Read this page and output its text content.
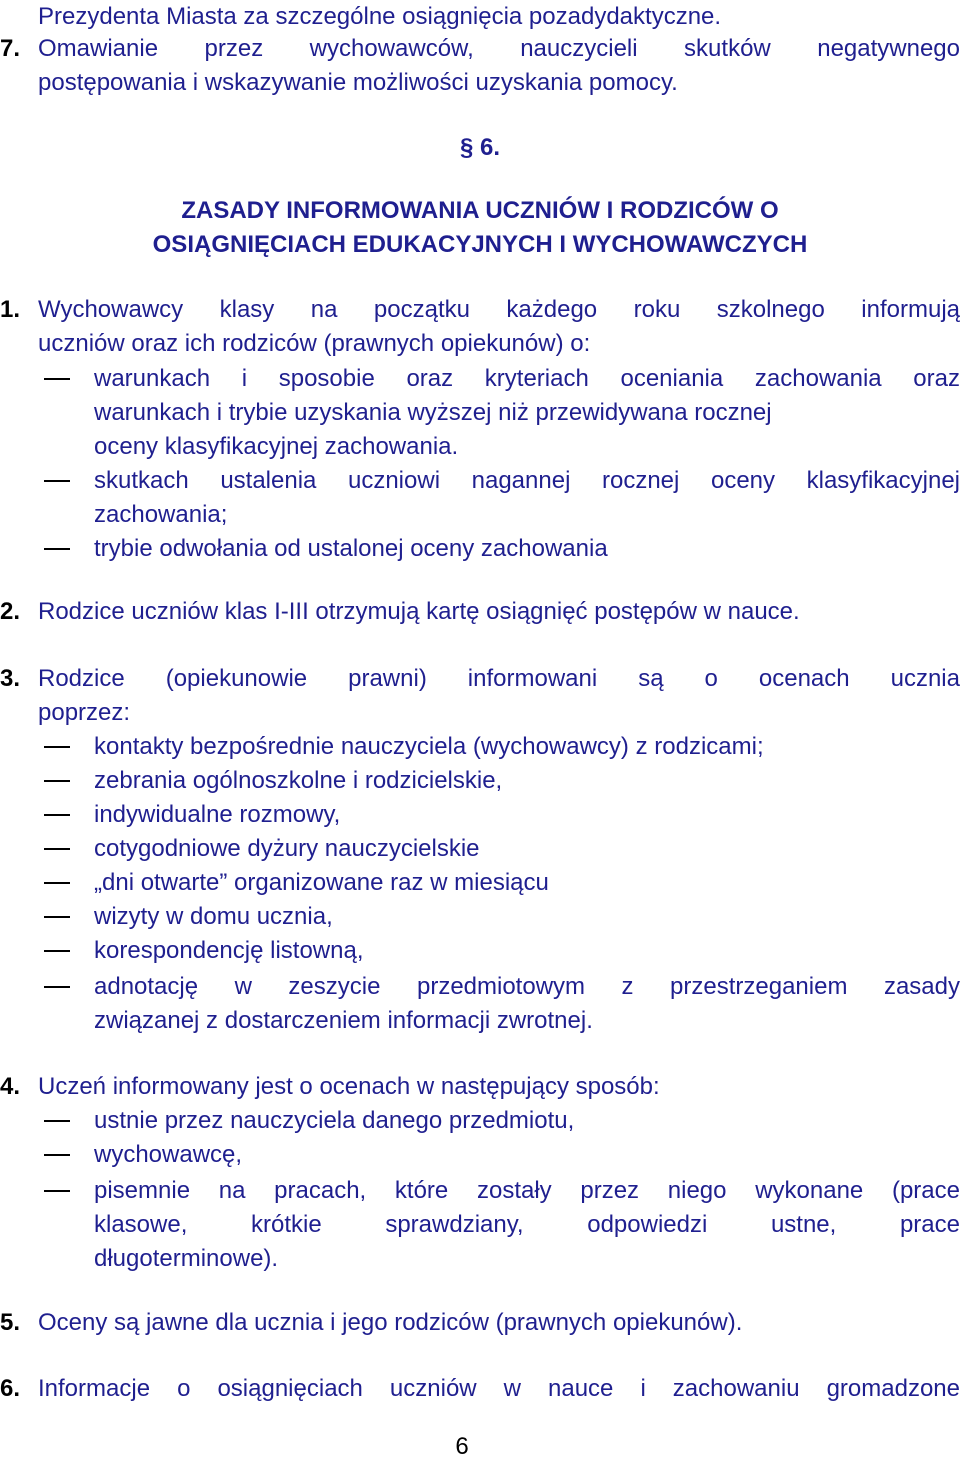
Prezydenta Miasta za szczególne osiągnięcia pozadydaktyczne.
7. Omawianie przez wychowawców, nauczycieli skutków negatywnego
postępowania i wskazywanie możliwości uzyskania pomocy.
§ 6.
ZASADY INFORMOWANIA UCZNIÓW I RODZICÓW O
OSIĄGNIĘCIACH EDUKACYJNYCH I WYCHOWAWCZYCH
1. Wychowawcy klasy na początku każdego roku szkolnego informują
uczniów oraz ich rodziców (prawnych opiekunów) o:
warunkach i sposobie oraz kryteriach oceniania zachowania oraz
warunkach i trybie uzyskania wyższej niż przewidywana rocznej
oceny klasyfikacyjnej zachowania.
skutkach ustalenia uczniowi nagannej rocznej oceny klasyfikacyjnej
zachowania;
trybie odwołania od ustalonej oceny zachowania
2. Rodzice uczniów klas I-III otrzymują kartę osiągnięć postępów w nauce.
3. Rodzice (opiekunowie prawni) informowani są o ocenach ucznia
poprzez:
kontakty bezpośrednie nauczyciela (wychowawcy) z rodzicami;
zebrania ogólnoszkolne i rodzicielskie,
indywidualne rozmowy,
cotygodniowe dyżury nauczycielskie
„dni otwarte” organizowane raz w miesiącu
wizyty w domu ucznia,
korespondencję listowną,
adnotację w zeszycie przedmiotowym z przestrzeganiem zasady
związanej z dostarczeniem informacji zwrotnej.
4. Uczeń informowany jest o ocenach w następujący sposób:
ustnie przez nauczyciela danego przedmiotu,
wychowawcę,
pisemnie na pracach, które zostały przez niego wykonane (prace
klasowe, krótkie sprawdziany, odpowiedzi ustne, prace
długoterminowe).
5. Oceny są jawne dla ucznia i jego rodziców (prawnych opiekunów).
6. Informacje o osiągnięciach uczniów w nauce i zachowaniu gromadzone
6
